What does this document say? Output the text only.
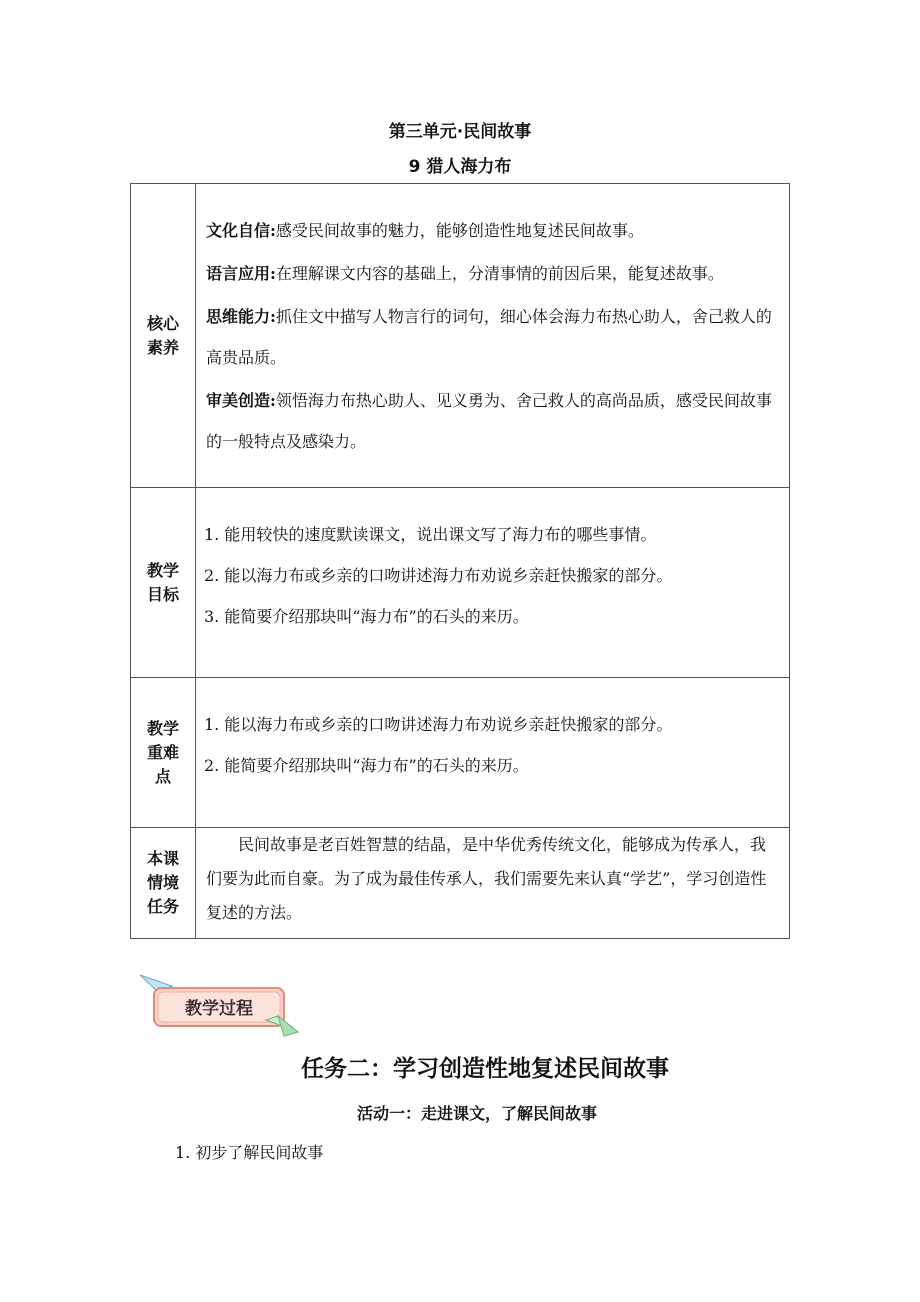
第三单元·民间故事
9 猎人海力布
核心素养	文化自信:感受民间故事的魅力，能够创造性地复述民间故事。

语言应用:在理解课文内容的基础上，分清事情的前因后果，能复述故事。

思维能力:抓住文中描写人物言行的词句，细心体会海力布热心助人，舍己救人的高贵品质。

审美创造:领悟海力布热心助人、见义勇为、舍己救人的高尚品质，感受民间故事的一般特点及感染力。

教学目标	1. 能用较快的速度默读课文，说出课文写了海力布的哪些事情。

2. 能以海力布或乡亲的口吻讲述海力布劝说乡亲赶快搬家的部分。

3. 能简要介绍那块叫“海力布”的石头的来历。

教学重难点	1. 能以海力布或乡亲的口吻讲述海力布劝说乡亲赶快搬家的部分。

2. 能简要介绍那块叫“海力布”的石头的来历。

本课情境任务	民间故事是老百姓智慧的结晶，是中华优秀传统文化，能够成为传承人，我们要为此而自豪。为了成为最佳传承人，我们需要先来认真“学艺”，学习创造性复述的方法。

教学过程
任务二：学习创造性地复述民间故事
活动一：走进课文，了解民间故事
1. 初步了解民间故事
